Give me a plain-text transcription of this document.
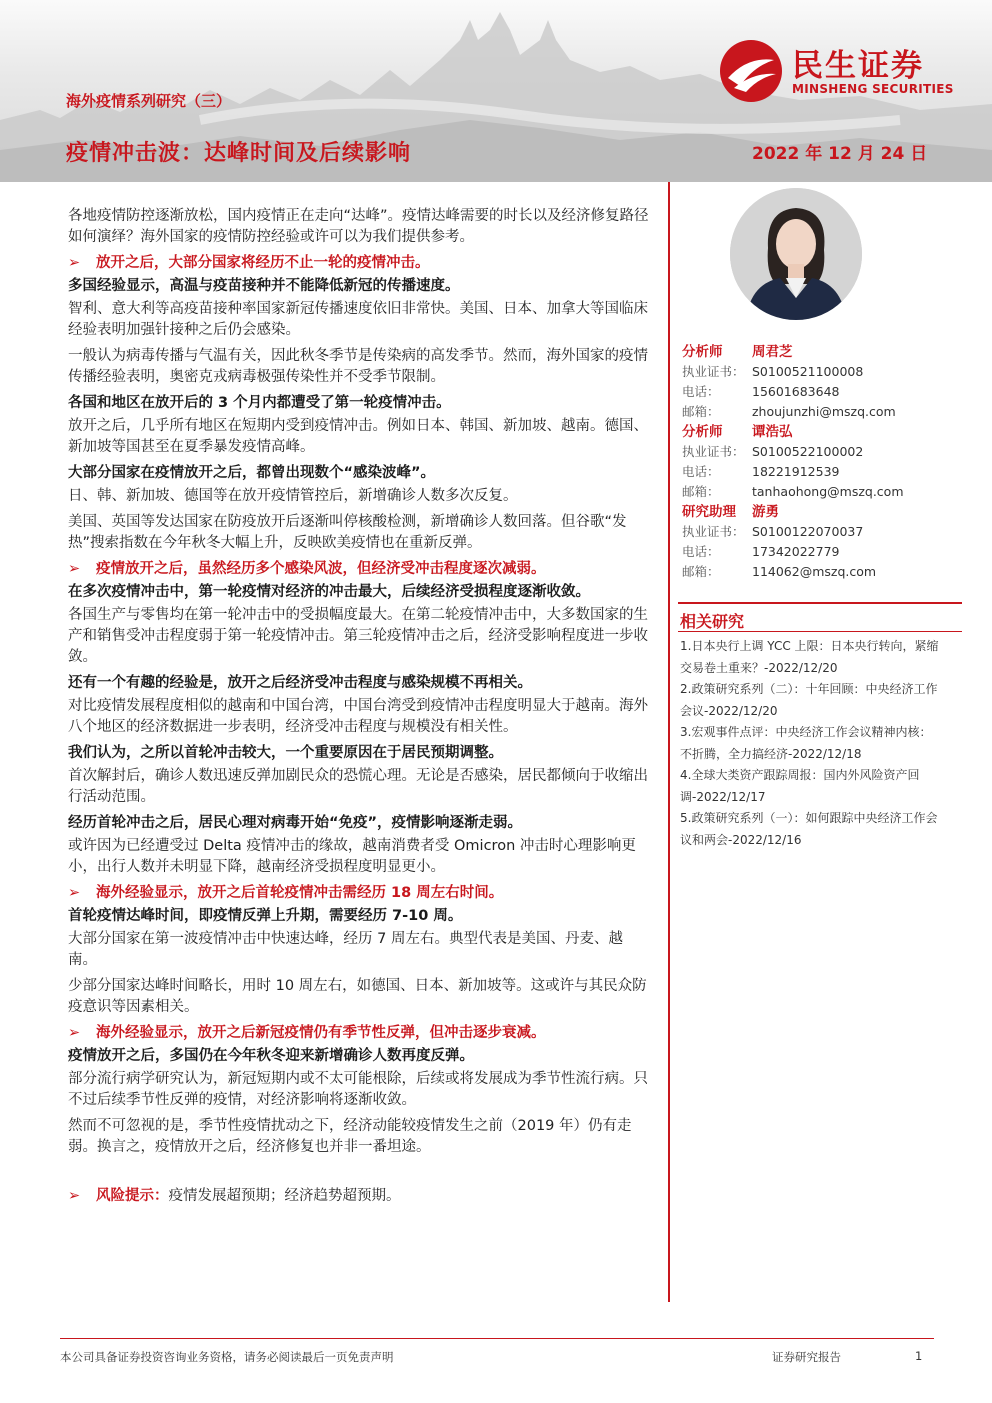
海外疫情系列研究（三）
疫情冲击波：达峰时间及后续影响	2022 年 12 月 24 日
民生证券
MINSHENG SECURITIES

各地疫情防控逐渐放松，国内疫情正在走向“达峰”。疫情达峰需要的时长以及经济修复路径如何演绎？海外国家的疫情防控经验或许可以为我们提供参考。

➢ 放开之后，大部分国家将经历不止一轮的疫情冲击。

多国经验显示，高温与疫苗接种并不能降低新冠的传播速度。

智利、意大利等高疫苗接种率国家新冠传播速度依旧非常快。美国、日本、加拿大等国临床经验表明加强针接种之后仍会感染。

一般认为病毒传播与气温有关，因此秋冬季节是传染病的高发季节。然而，海外国家的疫情传播经验表明，奥密克戎病毒极强传染性并不受季节限制。

各国和地区在放开后的 3 个月内都遭受了第一轮疫情冲击。

放开之后，几乎所有地区在短期内受到疫情冲击。例如日本、韩国、新加坡、越南。德国、新加坡等国甚至在夏季暴发疫情高峰。

大部分国家在疫情放开之后，都曾出现数个“感染波峰”。

日、韩、新加坡、德国等在放开疫情管控后，新增确诊人数多次反复。

美国、英国等发达国家在防疫放开后逐渐叫停核酸检测，新增确诊人数回落。但谷歌“发热”搜索指数在今年秋冬大幅上升，反映欧美疫情也在重新反弹。

➢ 疫情放开之后，虽然经历多个感染风波，但经济受冲击程度逐次减弱。

在多次疫情冲击中，第一轮疫情对经济的冲击最大，后续经济受损程度逐渐收敛。

各国生产与零售均在第一轮冲击中的受损幅度最大。在第二轮疫情冲击中，大多数国家的生产和销售受冲击程度弱于第一轮疫情冲击。第三轮疫情冲击之后，经济受影响程度进一步收敛。

还有一个有趣的经验是，放开之后经济受冲击程度与感染规模不再相关。

对比疫情发展程度相似的越南和中国台湾，中国台湾受到疫情冲击程度明显大于越南。海外八个地区的经济数据进一步表明，经济受冲击程度与规模没有相关性。

我们认为，之所以首轮冲击较大，一个重要原因在于居民预期调整。

首次解封后，确诊人数迅速反弹加剧民众的恐慌心理。无论是否感染，居民都倾向于收缩出行活动范围。

经历首轮冲击之后，居民心理对病毒开始“免疫”，疫情影响逐渐走弱。

或许因为已经遭受过 Delta 疫情冲击的缘故，越南消费者受 Omicron 冲击时心理影响更小，出行人数并未明显下降，越南经济受损程度明显更小。

➢ 海外经验显示，放开之后首轮疫情冲击需经历 18 周左右时间。

首轮疫情达峰时间，即疫情反弹上升期，需要经历 7-10 周。

大部分国家在第一波疫情冲击中快速达峰，经历 7 周左右。典型代表是美国、丹麦、越南。

少部分国家达峰时间略长，用时 10 周左右，如德国、日本、新加坡等。这或许与其民众防疫意识等因素相关。

➢ 海外经验显示，放开之后新冠疫情仍有季节性反弹，但冲击逐步衰减。

疫情放开之后，多国仍在今年秋冬迎来新增确诊人数再度反弹。

部分流行病学研究认为，新冠短期内或不太可能根除，后续或将发展成为季节性流行病。只不过后续季节性反弹的疫情，对经济影响将逐渐收敛。

然而不可忽视的是，季节性疫情扰动之下，经济动能较疫情发生之前（2019 年）仍有走弱。换言之，疫情放开之后，经济修复也并非一番坦途。

➢ 风险提示：疫情发展超预期；经济趋势超预期。

分析师	周君芝
执业证书： S0100521100008
电话：	15601683648
邮箱：	zhoujunzhi@mszq.com
分析师	谭浩弘
执业证书： S0100522100002
电话：	18221912539
邮箱：	tanhaohong@mszq.com
研究助理	游勇
执业证书： S0100122070037
电话：	17342022779
邮箱：	114062@mszq.com
相关研究
1.日本央行上调 YCC 上限：日本央行转向，紧缩交易卷土重来？-2022/12/20
2.政策研究系列（二）：十年回顾：中央经济工作会议-2022/12/20
3.宏观事件点评：中央经济工作会议精神内核：不折腾，全力搞经济-2022/12/18
4.全球大类资产跟踪周报：国内外风险资产回调-2022/12/17
5.政策研究系列（一）：如何跟踪中央经济工作会议和两会-2022/12/16
本公司具备证券投资咨询业务资格，请务必阅读最后一页免责声明	证券研究报告	1
